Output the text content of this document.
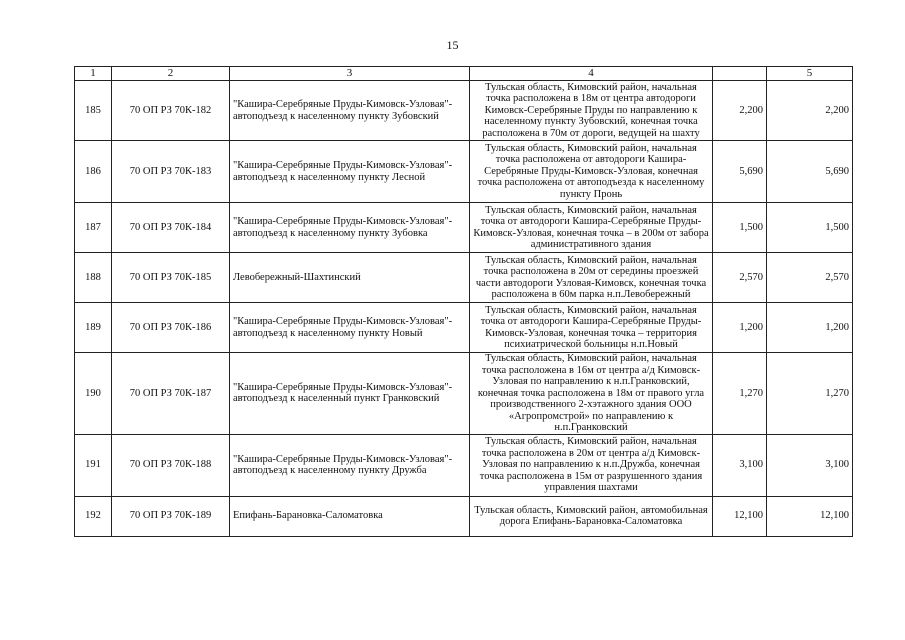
15
1	2	3	4		5
185	70 ОП РЗ 70К-182	"Кашира-Серебряные Пруды-Кимовск-Узловая"-автоподъезд к населенному пункту Зубовский	Тульская область, Кимовский район, начальная точка расположена в 18м от центра автодороги Кимовск-Серебряные Пруды по направлению к населенному пункту Зубовский, конечная точка расположена в 70м от дороги, ведущей на шахту	2,200	2,200
186	70 ОП РЗ 70К-183	"Кашира-Серебряные Пруды-Кимовск-Узловая"-автоподъезд к населенному пункту Лесной	Тульская область, Кимовский район, начальная точка расположена от автодороги Кашира-Серебряные Пруды-Кимовск-Узловая, конечная точка расположена от автоподъезда к населенному пункту Пронь	5,690	5,690
187	70 ОП РЗ 70К-184	"Кашира-Серебряные Пруды-Кимовск-Узловая"-автоподъезд к населенному пункту Зубовка	Тульская область, Кимовский район, начальная точка от автодороги Кашира-Серебряные Пруды-Кимовск-Узловая, конечная точка – в 200м от забора административного здания	1,500	1,500
188	70 ОП РЗ 70К-185	Левобережный-Шахтинский	Тульская область, Кимовский район, начальная точка расположена в 20м от середины проезжей части автодороги Узловая-Кимовск, конечная точка расположена в 60м парка н.п.Левобережный	2,570	2,570
189	70 ОП РЗ 70К-186	"Кашира-Серебряные Пруды-Кимовск-Узловая"-автоподъезд к населенному пункту Новый	Тульская область, Кимовский район, начальная точка от автодороги Кашира-Серебряные Пруды-Кимовск-Узловая, конечная точка – территория психиатрической больницы н.п.Новый	1,200	1,200
190	70 ОП РЗ 70К-187	"Кашира-Серебряные Пруды-Кимовск-Узловая"-автоподъезд к населенный пункт Гранковский	Тульская область, Кимовский район, начальная точка расположена в 16м от центра а/д Кимовск-Узловая по направлению к н.п.Гранковский, конечная точка расположена в 18м от правого угла производственного 2-хэтажного здания ООО «Агропромстрой» по направлению к н.п.Гранковский	1,270	1,270
191	70 ОП РЗ 70К-188	"Кашира-Серебряные Пруды-Кимовск-Узловая"-автоподъезд к населенному пункту Дружба	Тульская область, Кимовский район, начальная точка расположена в 20м от центра а/д Кимовск-Узловая по направлению к н.п.Дружба, конечная точка расположена в 15м от разрушенного здания управления шахтами	3,100	3,100
192	70 ОП РЗ 70К-189	Епифань-Барановка-Саломатовка	Тульская область, Кимовский район, автомобильная дорога Епифань-Барановка-Саломатовка	12,100	12,100
